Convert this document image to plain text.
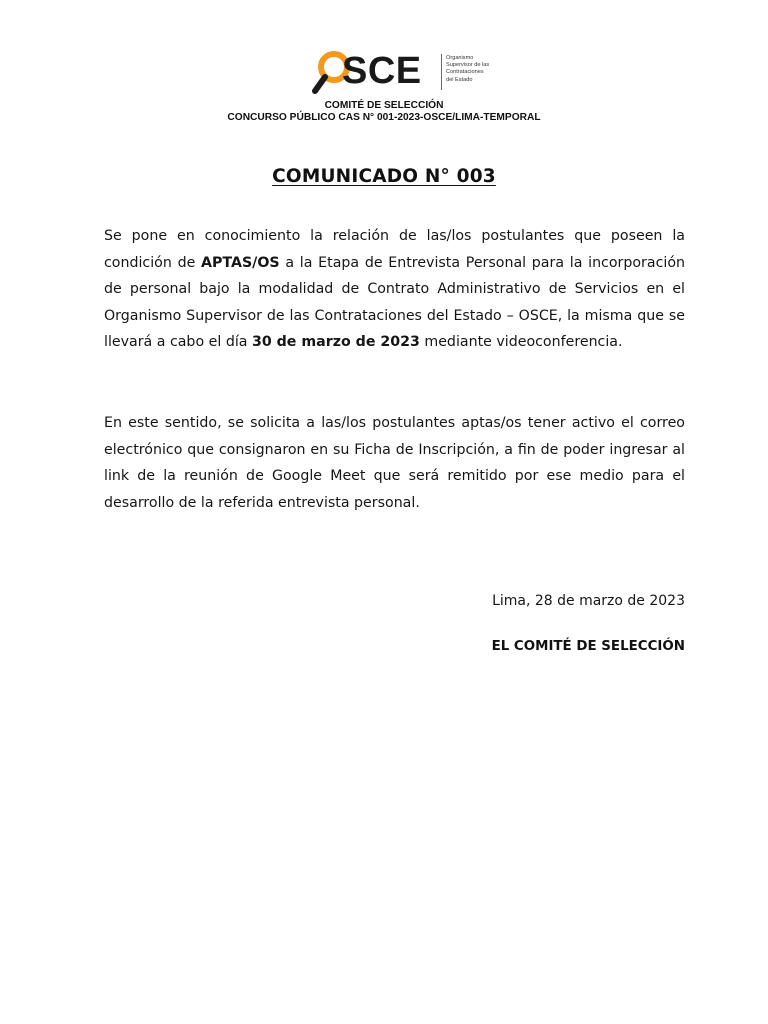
SCE	Organismo
Supervisor de las
Contrataciones
del Estado
COMITÉ DE SELECCIÓN
CONCURSO PÚBLICO CAS N° 001-2023-OSCE/LIMA-TEMPORAL
COMUNICADO N° 003

Se pone en conocimiento la relación de las/los postulantes que poseen la condición de APTAS/OS a la Etapa de Entrevista Personal para la incorporación de personal bajo la modalidad de Contrato Administrativo de Servicios en el Organismo Supervisor de las Contrataciones del Estado – OSCE, la misma que se llevará a cabo el día 30 de marzo de 2023 mediante videoconferencia.

En este sentido, se solicita a las/los postulantes aptas/os tener activo el correo electrónico que consignaron en su Ficha de Inscripción, a fin de poder ingresar al link de la reunión de Google Meet que será remitido por ese medio para el desarrollo de la referida entrevista personal.

Lima, 28 de marzo de 2023
EL COMITÉ DE SELECCIÓN
